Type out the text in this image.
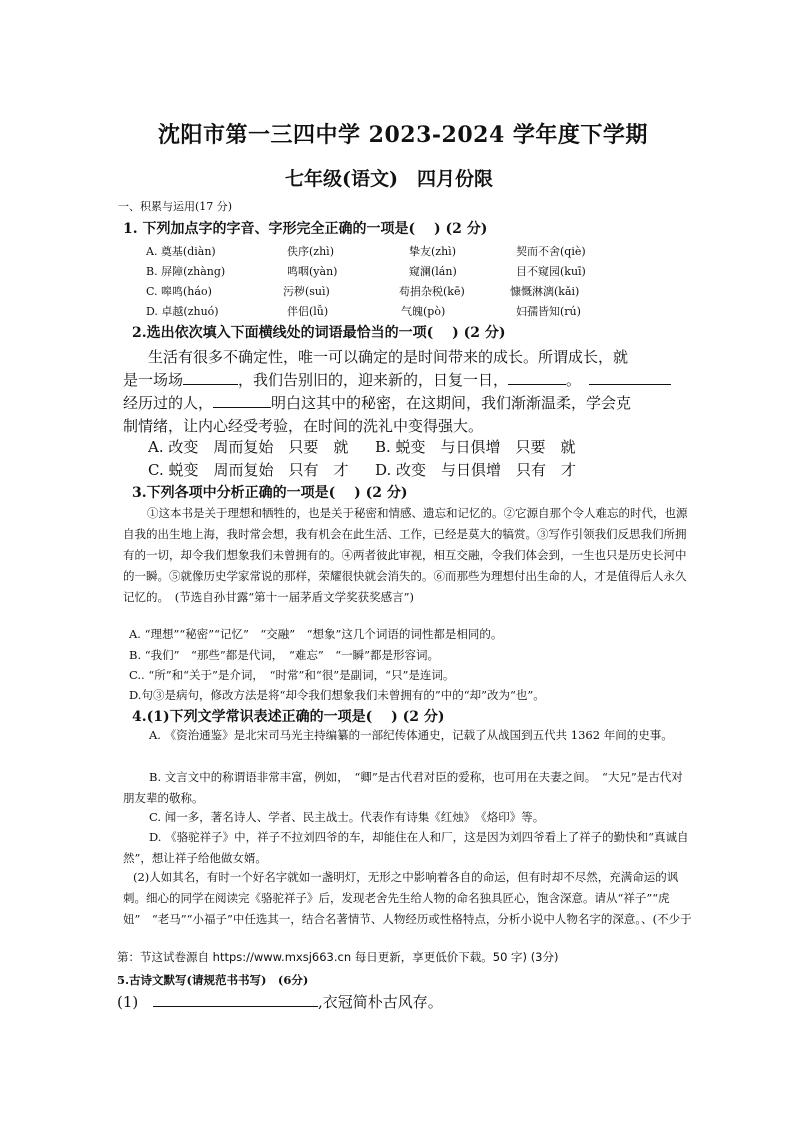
沈阳市第一三四中学 2023-2024 学年度下学期
七年级(语文)　四月份限
一、积累与运用(17 分)
1. 下列加点字的字音、字形完全正确的一项是(　 ) (2 分)
A. 奠基(diàn)	佚序(zhì)	挚友(zhì)	契而不舍(qiè)
B. 屏障(zhàng)	鸣咽(yàn)	窥澜(lán)	目不窥园(kuī)
C. 嗥鸣(háo)	污秽(suì)	苟捐杂税(kē)	慷慨淋漓(kǎi)
D. 卓越(zhuó)	伴侣(lǚ)	气魄(pò)	妇孺皆知(rú)
2.选出依次填入下面横线处的词语最恰当的一项(　 ) (2 分)
生活有很多不确定性，唯一可以确定的是时间带来的成长。所谓成长，就
是一场场	，我们告别旧的，迎来新的，日复一日，	。
经历过的人，	明白这其中的秘密，在这期间，我们渐渐温柔，学会克
制情绪，让内心经受考验，在时间的洗礼中变得强大。
A. 改变　周而复始　只要　就 B. 蜕变　与日俱增　只要　就
C. 蜕变　周而复始　只有　才 D. 改变　与日俱增　只有　才
3.下列各项中分析正确的一项是(　 ) (2 分)
①这本书是关于理想和牺牲的，也是关于秘密和情感、遗忘和记忆的。②它源自那个令人难忘的时代，也源自我的出生地上海，我时常会想，我有机会在此生活、工作，已经是莫大的犒赏。③写作引领我们反思我们所拥有的一切，却令我们想象我们未曾拥有的。④两者彼此审视，相互交融，令我们体会到，一生也只是历史长河中的一瞬。⑤就像历史学家常说的那样，荣耀很快就会消失的。⑥而那些为理想付出生命的人，才是值得后人永久记忆的。　(节选自孙甘露“第十一届茅盾文学奖获奖感言”)
A. “理想”“秘密”“记忆”　“交融”　“想象”这几个词语的词性都是相同的。
B. “我们”　“那些”都是代词，　“难忘”　“一瞬”都是形容词。
C.. “所”和“关于”是介词，　“时常”和“很”是副词，“只”是连词。
D.句③是病句，修改方法是将“却令我们想象我们未曾拥有的”中的“却”改为“也”。
4.(1)下列文学常识表述正确的一项是(　 ) (2 分)
A. 《资治通鉴》是北宋司马光主持编纂的一部纪传体通史，记载了从战国到五代共 1362 年间的史事。
B. 文言文中的称谓语非常丰富，例如，　“卿”是古代君对臣的爱称，也可用在夫妻之间。　“大兄”是古代对朋友辈的敬称。
C. 闻一多，著名诗人、学者、民主战士。代表作有诗集《红烛》　《烙印》等。
D. 《骆驼祥子》中，祥子不拉刘四爷的车，却能住在人和厂，这是因为刘四爷看上了祥子的勤快和“真诚自然”，想让祥子给他做女婿。
(2)人如其名，有时一个好名字就如一盏明灯，无形之中影响着各自的命运，但有时却不尽然，充满命运的讽刺。细心的同学在阅读完《骆驼祥子》后，发现老舍先生给人物的命名独具匠心，饱含深意。请从“祥子”“虎妞”　“老马”“小福子”中任选其一，结合名著情节、人物经历或性格特点，分析小说中人物名字的深意。、(不少于
第：节这试卷源自 https://www.mxsj663.cn 每日更新，享更低价下载。50 字) (3分)
5.古诗文默写(请规范书书写)　(6分)
(1)	,衣冠简朴古风存。
